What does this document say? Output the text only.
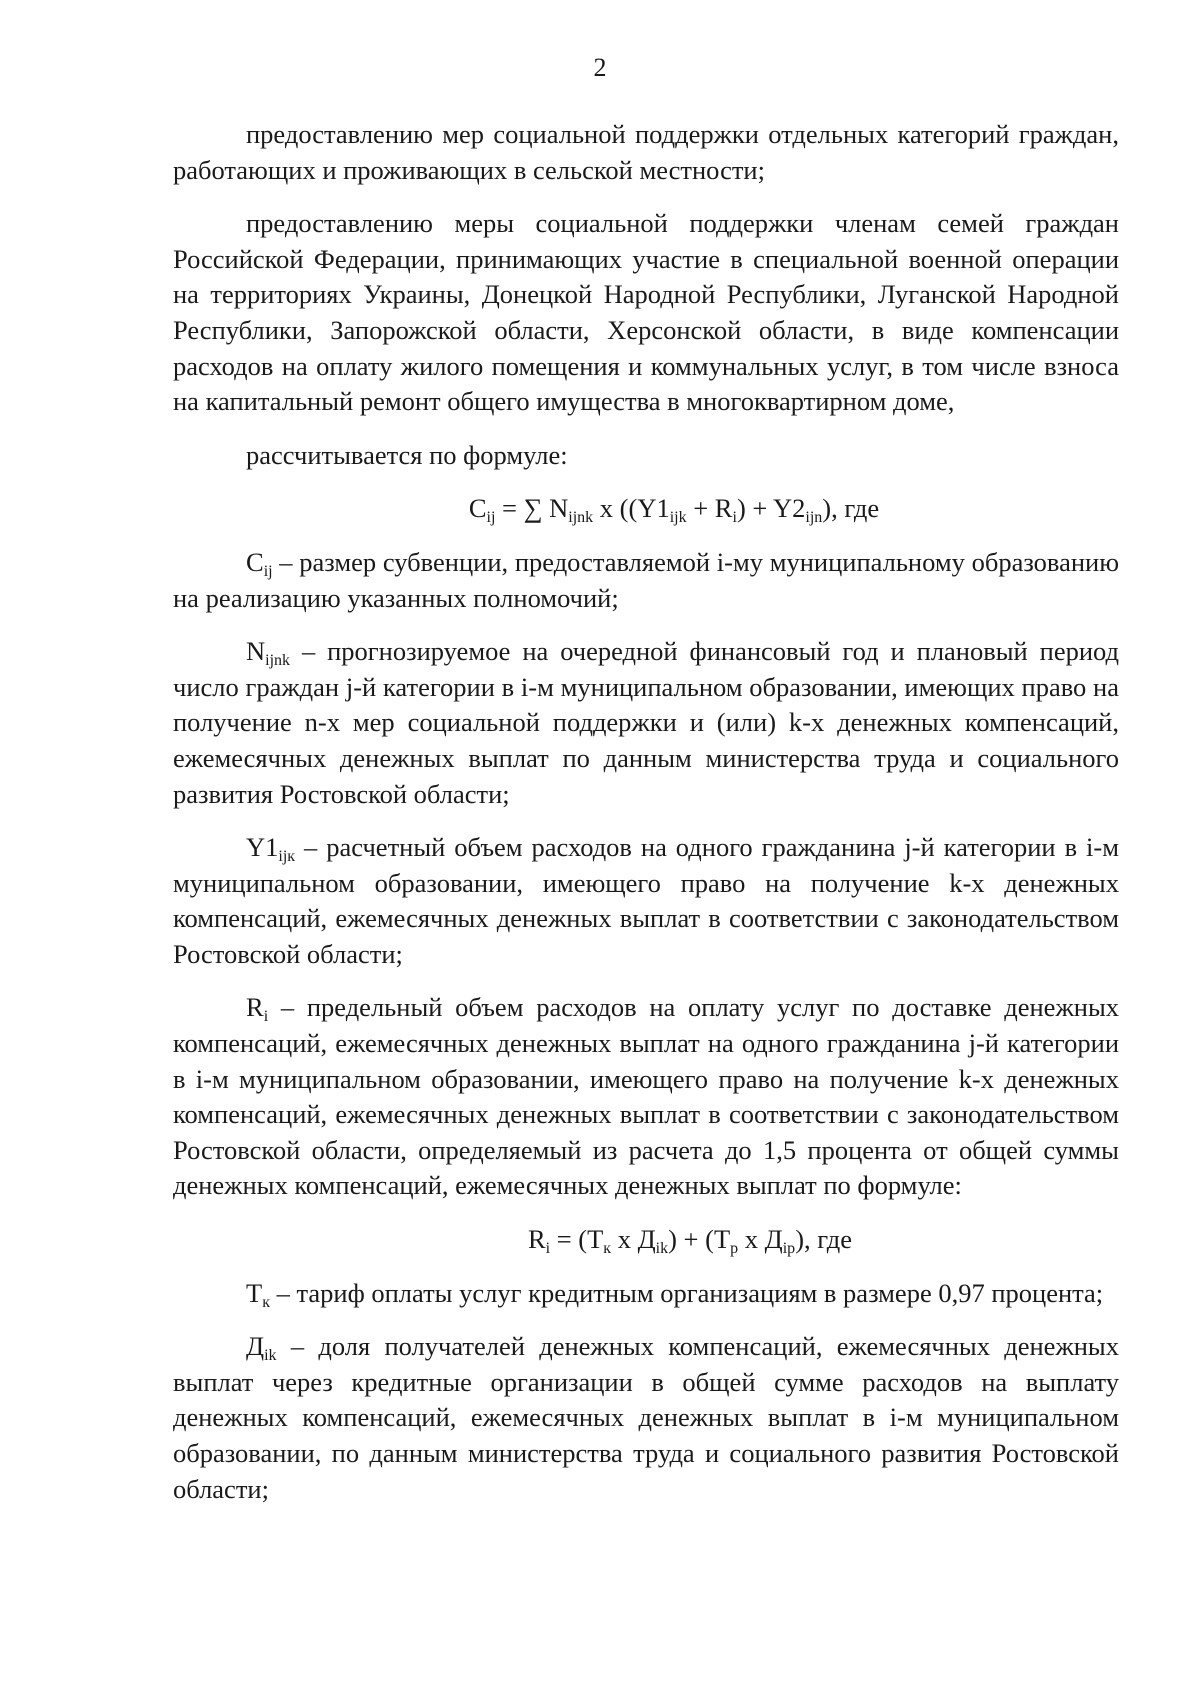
2

предоставлению мер социальной поддержки отдельных категорий граждан, работающих и проживающих в сельской местности;

предоставлению меры социальной поддержки членам семей граждан Российской Федерации, принимающих участие в специальной военной операции на территориях Украины, Донецкой Народной Республики, Луганской Народной Республики, Запорожской области, Херсонской области, в виде компенсации расходов на оплату жилого помещения и коммунальных услуг, в том числе взноса на капитальный ремонт общего имущества в многоквартирном доме,

рассчитывается по формуле:

$C_{ij}$ = ∑ $N_{ijnk}$ x $((Y1_{ijk} + R_i) + Y2_{ijn})$, где

$C_{ij}$ – размер субвенции, предоставляемой i-му муниципальному образованию на реализацию указанных полномочий;

$N_{ijnk}$ – прогнозируемое на очередной финансовый год и плановый период число граждан j-й категории в i-м муниципальном образовании, имеющих право на получение n-х мер социальной поддержки и (или) k-х денежных компенсаций, ежемесячных денежных выплат по данным министерства труда и социального развития Ростовской области;

$Y1_{ijк}$ – расчетный объем расходов на одного гражданина j-й категории в i-м муниципальном образовании, имеющего право на получение k-х денежных компенсаций, ежемесячных денежных выплат в соответствии с законодательством Ростовской области;

$R_i$ – предельный объем расходов на оплату услуг по доставке денежных компенсаций, ежемесячных денежных выплат на одного гражданина j-й категории в i-м муниципальном образовании, имеющего право на получение k-х денежных компенсаций, ежемесячных денежных выплат в соответствии с законодательством Ростовской области, определяемый из расчета до 1,5 процента от общей суммы денежных компенсаций, ежемесячных денежных выплат по формуле:

$R_i = (Т_к$ x $Д_{ik}) + (Т_р$ x $Д_{ip}$), где

$Т_к$ – тариф оплаты услуг кредитным организациям в размере 0,97 процента;

$Д_{ik}$ – доля получателей денежных компенсаций, ежемесячных денежных выплат через кредитные организации в общей сумме расходов на выплату денежных компенсаций, ежемесячных денежных выплат в i-м муниципальном образовании, по данным министерства труда и социального развития Ростовской области;
